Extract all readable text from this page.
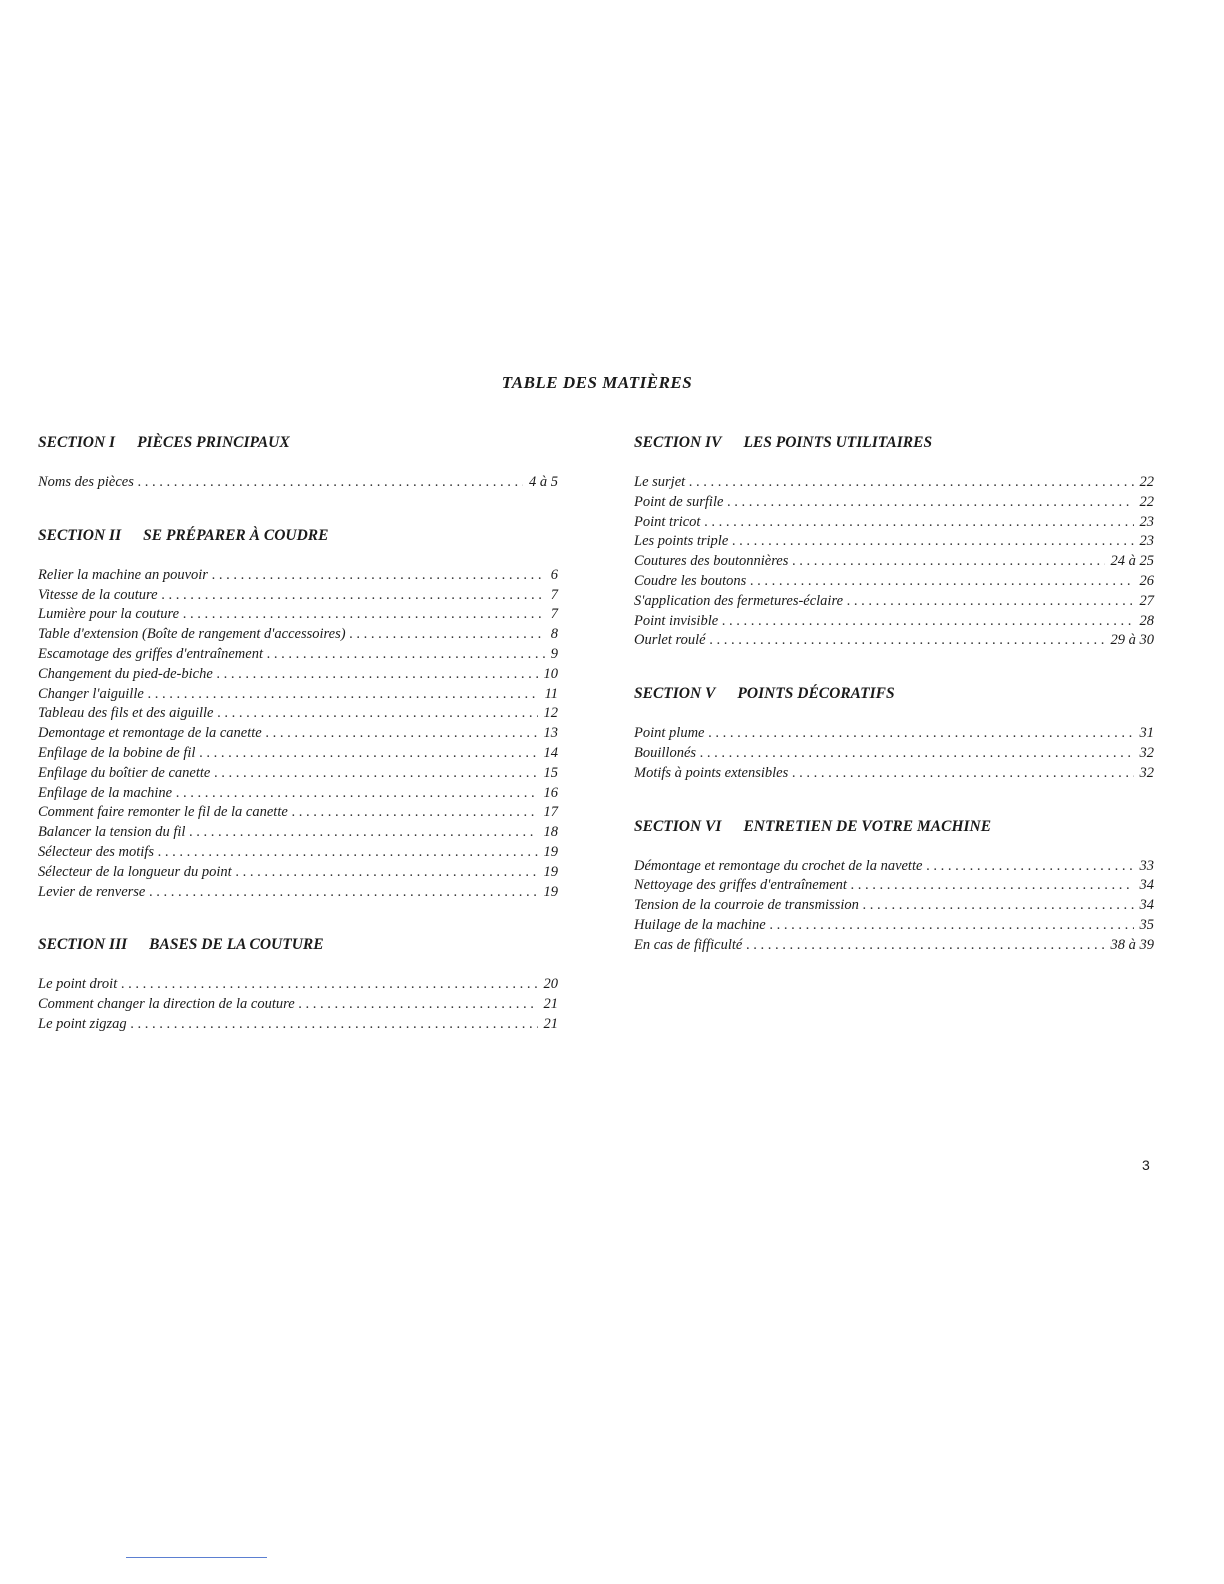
TABLE DES MATIÈRES
SECTION I PIÈCES PRINCIPAUX
Noms des pièces . . .	4 à 5
SECTION II SE PRÉPARER À COUDRE
Relier la machine an pouvoir . . .	6
Vitesse de la couture . . .	7
Lumière pour la couture . . .	7
Table d'extension (Boîte de rangement d'accessoires) . . .	8
Escamotage des griffes d'entraînement . . .	9
Changement du pied-de-biche . . .	10
Changer l'aiguille . . .	11
Tableau des fils et des aiguille . . .	12
Demontage et remontage de la canette . . .	13
Enfilage de la bobine de fil . . .	14
Enfilage du boîtier de canette . . .	15
Enfilage de la machine . . .	16
Comment faire remonter le fil de la canette . . .	17
Balancer la tension du fil . . .	18
Sélecteur des motifs . . .	19
Sélecteur de la longueur du point . . .	19
Levier de renverse . . .	19
SECTION III BASES DE LA COUTURE
Le point droit . . .	20
Comment changer la direction de la couture . . .	21
Le point zigzag . . .	21
SECTION IV LES POINTS UTILITAIRES
Le surjet . . .	22
Point de surfile . . .	22
Point tricot . . .	23
Les points triple . . .	23
Coutures des boutonnières . . .	24 à 25
Coudre les boutons . . .	26
S'application des fermetures-éclaire . . .	27
Point invisible . . .	28
Ourlet roulé . . .	29 à 30
SECTION V POINTS DÉCORATIFS
Point plume . . .	31
Bouillonés . . .	32
Motifs à points extensibles . . .	32
SECTION VI ENTRETIEN DE VOTRE MACHINE
Démontage et remontage du crochet de la navette . . .	33
Nettoyage des griffes d'entraînement . . .	34
Tension de la courroie de transmission . . .	34
Huilage de la machine . . .	35
En cas de fifficulté . . .	38 à 39
3
